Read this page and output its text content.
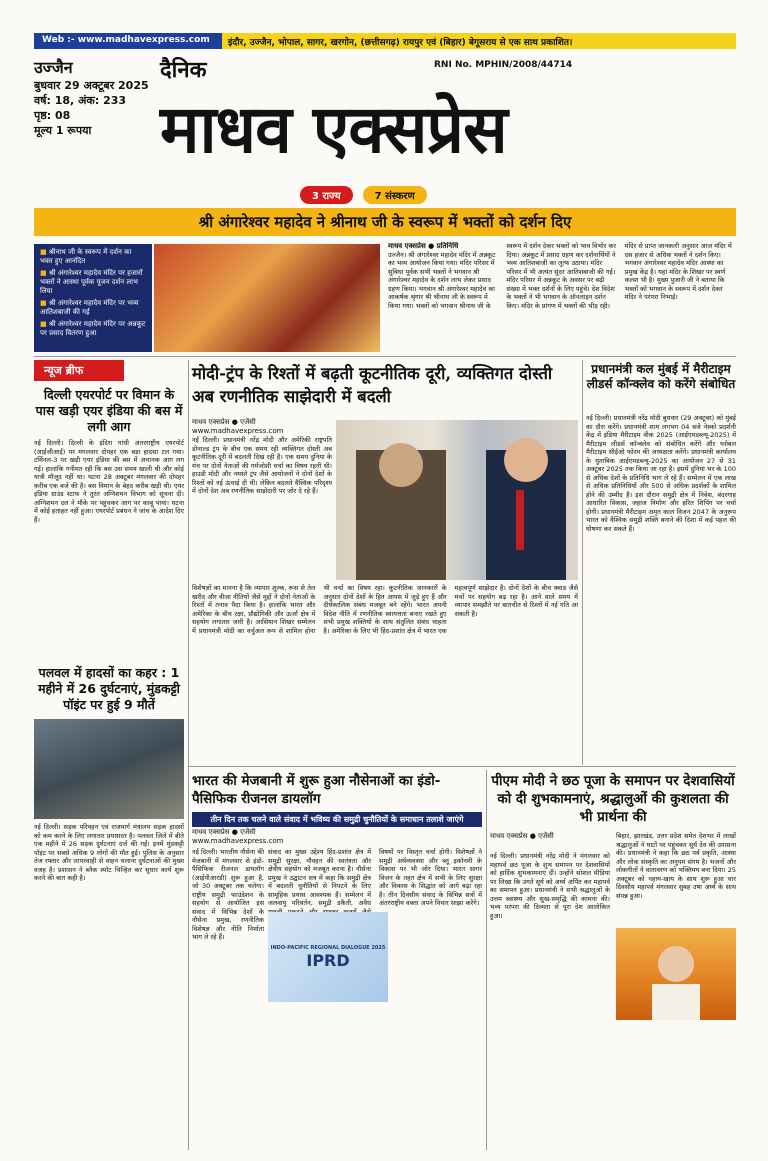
Web :- www.madhavexpress.com	इंदौर, उज्जैन, भोपाल, सागर, खरगोन, (छत्तीसगढ़) रायपुर एवं (बिहार) बेगूसराय से एक साथ प्रकाशित।
उज्जैन
बुधवार 29 अक्टूबर 2025
वर्ष: 18, अंक: 233
पृष्ठ: 08
मूल्य 1 रूपया
दैनिक	RNI No. MPHIN/2008/44714
माधव एक्सप्रेस
3 राज्य	7 संस्करण
श्री अंगारेश्वर महादेव ने श्रीनाथ जी के स्वरूप में भक्तों को दर्शन दिए
■ श्रीनाथ जी के स्वरूप में दर्शन का भक्त हुए आनंदित
■ श्री अंगारेश्वर महादेव मंदिर पर हजारों भक्तों ने आस्था पूर्वक पूजन दर्शन लाभ लिया
■ श्री अंगारेश्वर महादेव मंदिर पर भव्य आतिशबाजी की गई
■ श्री अंगारेश्वर महादेव मंदिर पर अन्नकूट पर प्रसाद वितरण हुआ
माधव एक्सप्रेस ● प्रतिनिधि
उज्जैन। श्री अंगारेश्वर महादेव मंदिर में अन्नकूट का भव्य आयोजन किया गया। मंदिर परिसर में सुबिधा पूर्वक सभी भक्तों ने भगवान श्री अंगारेश्वर महादेव के दर्शन लाभ लेकर प्रसाद ग्रहण किया। भगवान श्री अंगारेश्वर महादेव का आकर्षक श्रृंगार श्री श्रीनाथ जी के स्वरूप में किया गया। भक्तों को भगवान श्रीनाथ जी के स्वरूप में दर्शन देकर भक्तों को भाव विभोर कर दिया। अन्नकूट में प्रसाद ग्रहण कर दर्शनार्थियों ने भव्य आतिशबाजी का लुत्फ उठाया। मंदिर परिसर में भी अत्यंत सुंदर आतिशबाजी की गई। मंदिर परिसर में अन्नकूट के अवसर पर बढ़ी संख्या में भक्त दर्शनों के लिए पहुंचे। देश विदेश के भक्तों ने भी भगवान के ऑनलाइन दर्शन किए। मंदिर के प्रांगण में भक्तों की भीड़ रही। मंदिर से प्राप्त जानकारी अनुसार आज मंदिर में दस हजार से अधिक भक्तों ने दर्शन किए। भगवान अंगारेश्वर महादेव मंदिर आस्था का प्रमुख केंद्र है। यहां मंदिर के शिखर पर स्वर्ण कलश भी है। मुख्य पुजारी जी ने बताया कि भक्तों को भगवान के स्वरूप में दर्शन देकर मंदिर ने परंपरा निभाई।
न्यूज ब्रीफ
दिल्ली एयरपोर्ट पर विमान के पास खड़ी एयर इंडिया की बस में लगी आग
नई दिल्ली। दिल्ली के इंदिरा गांधी अंतरराष्ट्रीय एयरपोर्ट (आईजीआई) पर मंगलवार दोपहर एक बड़ा हादसा टल गया। टर्मिनल-3 पर खड़ी एयर इंडिया की बस में अचानक आग लग गई। हालांकि गनीमत रही कि बस उस समय खाली थी और कोई यात्री मौजूद नहीं था। घटना 28 अक्टूबर मंगलवार की दोपहर करीब एक बजे की है। बस विमान के बेहद करीब खड़ी थी। एयर इंडिया ग्राउंड स्टाफ ने तुरंत अग्निशमन विभाग को सूचना दी। अग्निशमन दल ने मौके पर पहुंचकर आग पर काबू पाया। घटना में कोई हताहत नहीं हुआ। एयरपोर्ट प्रबंधन ने जांच के आदेश दिए हैं।
पलवल में हादसों का कहर : 1 महीने में 26 दुर्घटनाएं, मुंडकट्टी पॉइंट पर हुई 9 मौतें
नई दिल्ली। सड़क परिवहन एवं राजमार्ग मंत्रालय सड़क हादसों को कम करने के लिए लगातार प्रयासरत है। पलवल जिले में बीते एक महीने में 26 सड़क दुर्घटनाएं दर्ज की गईं। इनमें मुंडकट्टी पॉइंट पर सबसे अधिक 9 लोगों की मौत हुई। पुलिस के अनुसार तेज रफ्तार और लापरवाही से वाहन चलाना दुर्घटनाओं की मुख्य वजह है। प्रशासन ने ब्लैक स्पॉट चिन्हित कर सुधार कार्य शुरू करने की बात कही है।
मोदी-ट्रंप के रिश्तों में बढ़ती कूटनीतिक दूरी, व्यक्तिगत दोस्ती अब रणनीतिक साझेदारी में बदली
माधव एक्सप्रेस ● एजेंसी
www.madhavexpress.com
नई दिल्ली। प्रधानमंत्री नरेंद्र मोदी और अमेरिकी राष्ट्रपति डोनाल्ड ट्रंप के बीच एक समय रही व्यक्तिगत दोस्ती अब कूटनीतिक दूरी में बदलती दिख रही है। एक समय दुनिया के मंच पर दोनों नेताओं की गर्मजोशी चर्चा का विषय रहती थी। हाउडी मोदी और नमस्ते ट्रंप जैसे आयोजनों ने दोनों देशों के रिश्तों को नई ऊंचाई दी थी। लेकिन बदलते वैश्विक परिदृश्य में दोनों देश अब रणनीतिक साझेदारी पर जोर दे रहे हैं।
विशेषज्ञों का मानना है कि व्यापार शुल्क, रूस से तेल खरीद और वीजा नीतियों जैसे मुद्दों ने दोनों नेताओं के रिश्तों में तनाव पैदा किया है। हालांकि भारत और अमेरिका के बीच रक्षा, प्रौद्योगिकी और ऊर्जा क्षेत्र में सहयोग लगातार जारी है। आसियान शिखर सम्मेलन में प्रधानमंत्री मोदी का वर्चुअल रूप से शामिल होना भी चर्चा का विषय रहा। कूटनीतिक जानकारों के अनुसार दोनों देशों के हित आपस में जुड़े हुए हैं और दीर्घकालिक संबंध मजबूत बने रहेंगे। भारत अपनी विदेश नीति में रणनीतिक स्वायत्तता बनाए रखते हुए सभी प्रमुख शक्तियों के साथ संतुलित संबंध चाहता है। अमेरिका के लिए भी हिंद-प्रशांत क्षेत्र में भारत एक महत्वपूर्ण साझेदार है। दोनों देशों के बीच क्वाड जैसे मंचों पर सहयोग बढ़ रहा है। आने वाले समय में व्यापार समझौते पर बातचीत से रिश्तों में नई गति आ सकती है।
प्रधानमंत्री कल मुंबई में मैरीटाइम लीडर्स कॉन्क्लेव को करेंगे संबोधित
नई दिल्ली। प्रधानमंत्री नरेंद्र मोदी बुधवार (29 अक्टूबर) को मुंबई का दौरा करेंगे। प्रधानमंत्री शाम लगभग 04 बजे नेस्को प्रदर्शनी केंद्र में इंडिया मैरीटाइम वीक 2025 (आईएमडब्ल्यू-2025) में मैरीटाइम लीडर्स कॉन्क्लेव को संबोधित करेंगे और ग्लोबल मैरीटाइम सीईओ फोरम की अध्यक्षता करेंगे। प्रधानमंत्री कार्यालय के मुताबिक आईएमडब्ल्यू-2025 का आयोजन 27 से 31 अक्टूबर 2025 तक किया जा रहा है। इसमें दुनिया भर के 100 से अधिक देशों के प्रतिनिधि भाग ले रहे हैं। सम्मेलन में एक लाख से अधिक प्रतिनिधियों और 500 से अधिक प्रदर्शकों के शामिल होने की उम्मीद है। इस दौरान समुद्री क्षेत्र में निवेश, बंदरगाह आधारित विकास, जहाज निर्माण और हरित शिपिंग पर चर्चा होगी। प्रधानमंत्री मैरीटाइम अमृत काल विजन 2047 के अनुरूप भारत को वैश्विक समुद्री शक्ति बनाने की दिशा में कई पहल की घोषणा कर सकते हैं।
भारत की मेजबानी में शुरू हुआ नौसेनाओं का इंडो-पैसिफिक रीजनल डायलॉग
तीन दिन तक चलने वाले संवाद में भविष्य की समुद्री चुनौतियों के समाधान तलाशे जाएंगे
माधव एक्सप्रेस ● एजेंसी
www.madhavexpress.com
नई दिल्ली। भारतीय नौसेना की मेजबानी में मंगलवार से इंडो-पैसिफिक रीजनल डायलॉग (आईपीआरडी) शुरू हुआ है, जो 30 अक्टूबर तक चलेगा। राष्ट्रीय समुद्री फाउंडेशन के सहयोग से आयोजित इस संवाद में विभिन्न देशों के नौसेना प्रमुख, रणनीतिक विशेषज्ञ और नीति निर्माता भाग ले रहे हैं।
संवाद का मुख्य उद्देश्य हिंद-प्रशांत क्षेत्र में समुद्री सुरक्षा, नौवहन की स्वतंत्रता और क्षेत्रीय सहयोग को मजबूत करना है। नौसेना प्रमुख ने उद्घाटन सत्र में कहा कि समुद्री क्षेत्र में बदलती चुनौतियों से निपटने के लिए सामूहिक प्रयास आवश्यक हैं। सम्मेलन में जलवायु परिवर्तन, समुद्री डकैती, अवैध विषयों पर विस्तृत चर्चा होगी। विशेषज्ञों ने समुद्री अर्थव्यवस्था और ब्लू इकॉनमी के विकास पर भी जोर दिया। भारत सागर विजन के तहत क्षेत्र में सभी के लिए सुरक्षा और विकास के सिद्धांत को आगे बढ़ा रहा है। तीन दिवसीय संवाद के विभिन्न सत्रों में अंतरराष्ट्रीय वक्ता अपने विचार साझा करेंगे।
INDO-PACIFIC REGIONAL DIALOGUE 2025
IPRD
पीएम मोदी ने छठ पूजा के समापन पर देशवासियों को दी शुभकामनाएं, श्रद्धालुओं की कुशलता की भी प्रार्थना की
माधव एक्सप्रेस ● एजेंसी
नई दिल्ली। प्रधानमंत्री नरेंद्र मोदी ने मंगलवार को महापर्व छठ पूजा के शुभ समापन पर देशवासियों को हार्दिक शुभकामनाएं दीं। उन्होंने सोशल मीडिया पर लिखा कि उगते सूर्य को अर्घ्य अर्पित कर महापर्व का समापन हुआ। प्रधानमंत्री ने सभी श्रद्धालुओं के उत्तम स्वास्थ्य और सुख-समृद्धि की कामना की। भव्य परंपरा की दिव्यता से पूरा देश आलोकित हुआ।
बिहार, झारखंड, उत्तर प्रदेश समेत देशभर में लाखों श्रद्धालुओं ने घाटों पर पहुंचकर सूर्य देव की उपासना की। प्रधानमंत्री ने कहा कि छठ पर्व प्रकृति, आस्था और लोक संस्कृति का अनुपम संगम है। भजनों और लोकगीतों ने वातावरण को भक्तिमय बना दिया। 25 अक्टूबर को नहाय-खाय के साथ शुरू हुआ चार दिवसीय महापर्व मंगलवार सुबह उषा अर्घ्य के साथ संपन्न हुआ।
